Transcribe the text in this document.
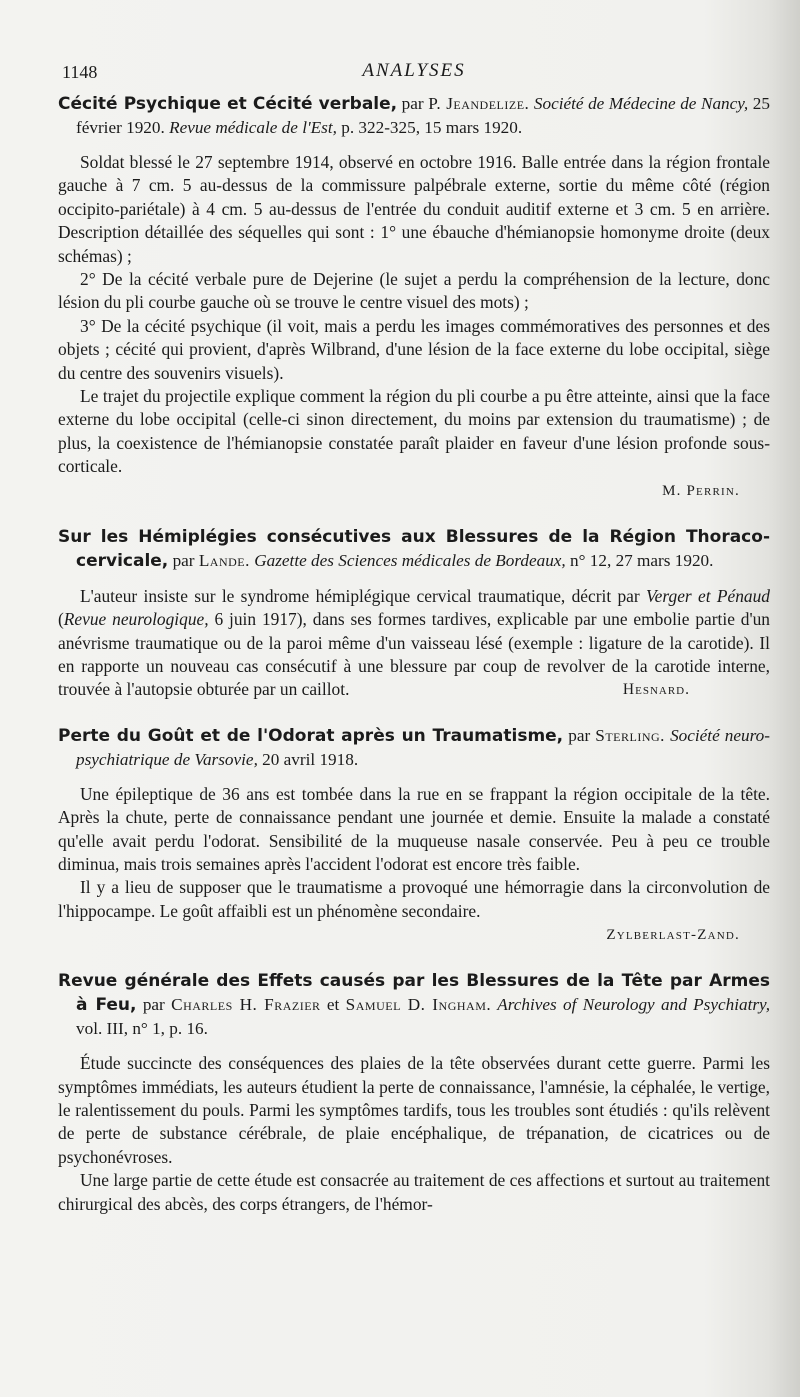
1148	ANALYSES

Cécité Psychique et Cécité verbale, par P. Jeandelize. Société de Médecine de Nancy, 25 février 1920. Revue médicale de l'Est, p. 322-325, 15 mars 1920.

Soldat blessé le 27 septembre 1914, observé en octobre 1916. Balle entrée dans la région frontale gauche à 7 cm. 5 au-dessus de la commissure palpébrale externe, sortie du même côté (région occipito-pariétale) à 4 cm. 5 au-dessus de l'entrée du conduit auditif externe et 3 cm. 5 en arrière. Description détaillée des séquelles qui sont : 1° une ébauche d'hémianopsie homonyme droite (deux schémas) ;

2° De la cécité verbale pure de Dejerine (le sujet a perdu la compréhension de la lecture, donc lésion du pli courbe gauche où se trouve le centre visuel des mots) ;

3° De la cécité psychique (il voit, mais a perdu les images commémoratives des personnes et des objets ; cécité qui provient, d'après Wilbrand, d'une lésion de la face externe du lobe occipital, siège du centre des souvenirs visuels).

Le trajet du projectile explique comment la région du pli courbe a pu être atteinte, ainsi que la face externe du lobe occipital (celle-ci sinon directement, du moins par extension du traumatisme) ; de plus, la coexistence de l'hémianopsie constatée paraît plaider en faveur d'une lésion profonde sous-corticale.

M. Perrin.

Sur les Hémiplégies consécutives aux Blessures de la Région Thoraco-cervicale, par Lande. Gazette des Sciences médicales de Bordeaux, n° 12, 27 mars 1920.

L'auteur insiste sur le syndrome hémiplégique cervical traumatique, décrit par Verger et Pénaud (Revue neurologique, 6 juin 1917), dans ses formes tardives, explicable par une embolie partie d'un anévrisme traumatique ou de la paroi même d'un vaisseau lésé (exemple : ligature de la carotide). Il en rapporte un nouveau cas consécutif à une blessure par coup de revolver de la carotide interne, trouvée à l'autopsie obturée par un caillot.	Hesnard.

Perte du Goût et de l'Odorat après un Traumatisme, par Sterling. Société neuro-psychiatrique de Varsovie, 20 avril 1918.

Une épileptique de 36 ans est tombée dans la rue en se frappant la région occipitale de la tête. Après la chute, perte de connaissance pendant une journée et demie. Ensuite la malade a constaté qu'elle avait perdu l'odorat. Sensibilité de la muqueuse nasale conservée. Peu à peu ce trouble diminua, mais trois semaines après l'accident l'odorat est encore très faible.

Il y a lieu de supposer que le traumatisme a provoqué une hémorragie dans la circonvolution de l'hippocampe. Le goût affaibli est un phénomène secondaire.

Zylberlast-Zand.

Revue générale des Effets causés par les Blessures de la Tête par Armes à Feu, par Charles H. Frazier et Samuel D. Ingham. Archives of Neurology and Psychiatry, vol. III, n° 1, p. 16.

Étude succincte des conséquences des plaies de la tête observées durant cette guerre. Parmi les symptômes immédiats, les auteurs étudient la perte de connaissance, l'amnésie, la céphalée, le vertige, le ralentissement du pouls. Parmi les symptômes tardifs, tous les troubles sont étudiés : qu'ils relèvent de perte de substance cérébrale, de plaie encéphalique, de trépanation, de cicatrices ou de psychonévroses.

Une large partie de cette étude est consacrée au traitement de ces affections et surtout au traitement chirurgical des abcès, des corps étrangers, de l'hémor-
